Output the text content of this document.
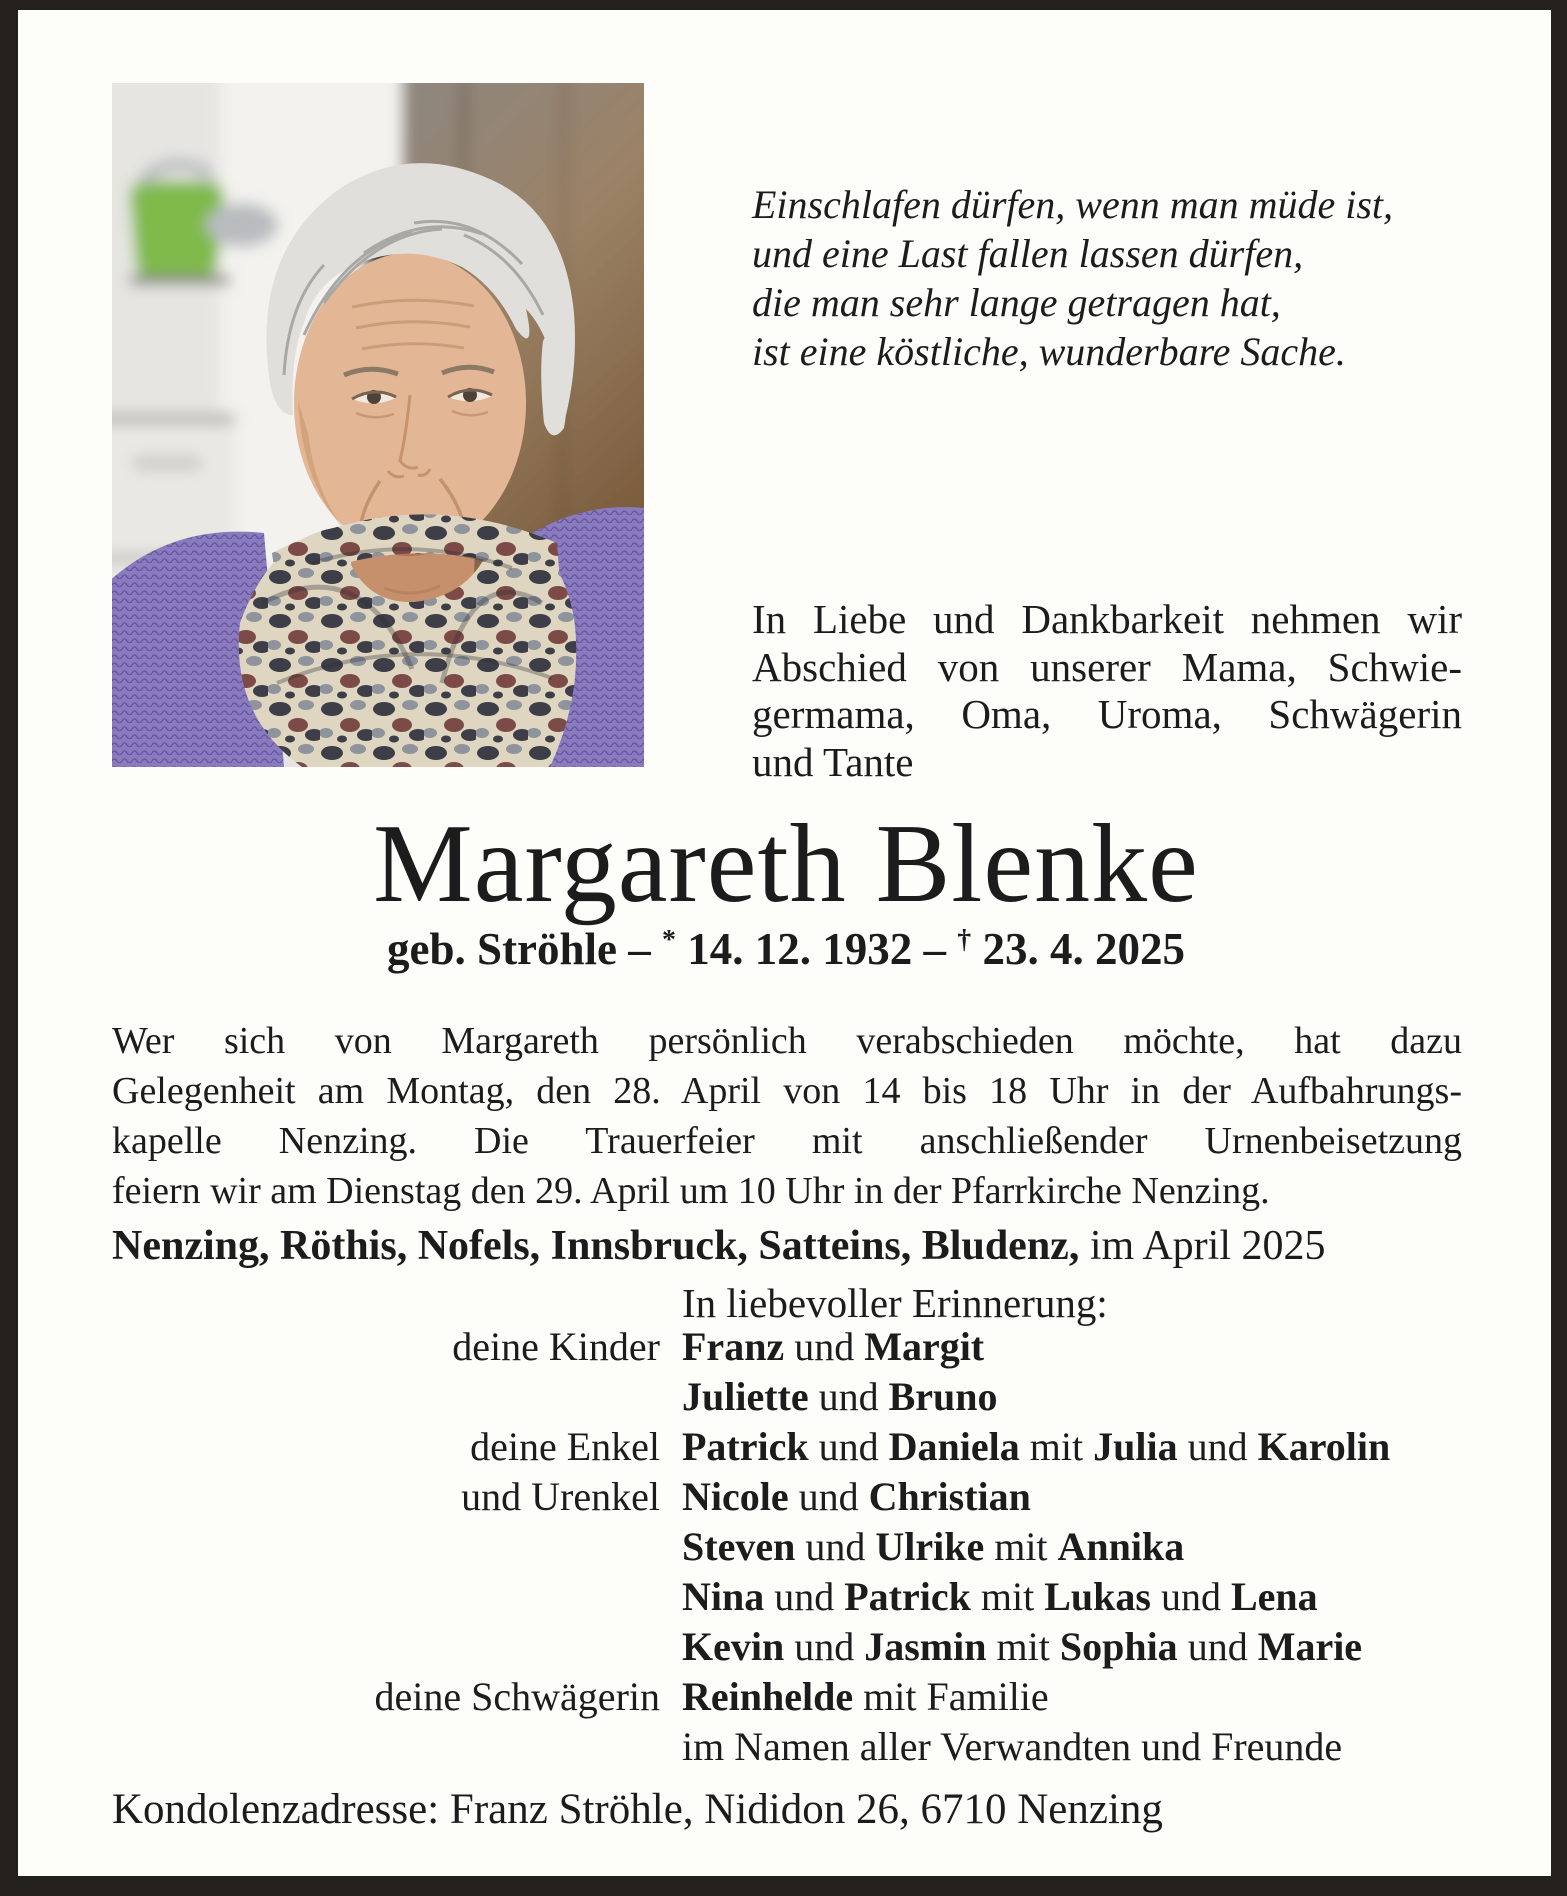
Einschlafen dürfen, wenn man müde ist,
und eine Last fallen lassen dürfen,
die man sehr lange getragen hat,
ist eine köstliche, wunderbare Sache.
In Liebe und Dankbarkeit nehmen wir
Abschied von unserer Mama, Schwie-
germama, Oma, Uroma, Schwägerin
und Tante
Margareth Blenke
geb. Ströhle – * 14. 12. 1932 – † 23. 4. 2025
Wer sich von Margareth persönlich verabschieden möchte, hat dazu
Gelegenheit am Montag, den 28. April von 14 bis 18 Uhr in der Aufbahrungs-
kapelle Nenzing. Die Trauerfeier mit anschließender Urnenbeisetzung
feiern wir am Dienstag den 29. April um 10 Uhr in der Pfarrkirche Nenzing.
Nenzing, Röthis, Nofels, Innsbruck, Satteins, Bludenz, im April 2025
In liebevoller Erinnerung:
deine Kinder Franz und Margit
Juliette und Bruno
deine Enkel Patrick und Daniela mit Julia und Karolin
und Urenkel Nicole und Christian
Steven und Ulrike mit Annika
Nina und Patrick mit Lukas und Lena
Kevin und Jasmin mit Sophia und Marie
deine Schwägerin Reinhelde mit Familie
im Namen aller Verwandten und Freunde
Kondolenzadresse: Franz Ströhle, Nididon 26, 6710 Nenzing
